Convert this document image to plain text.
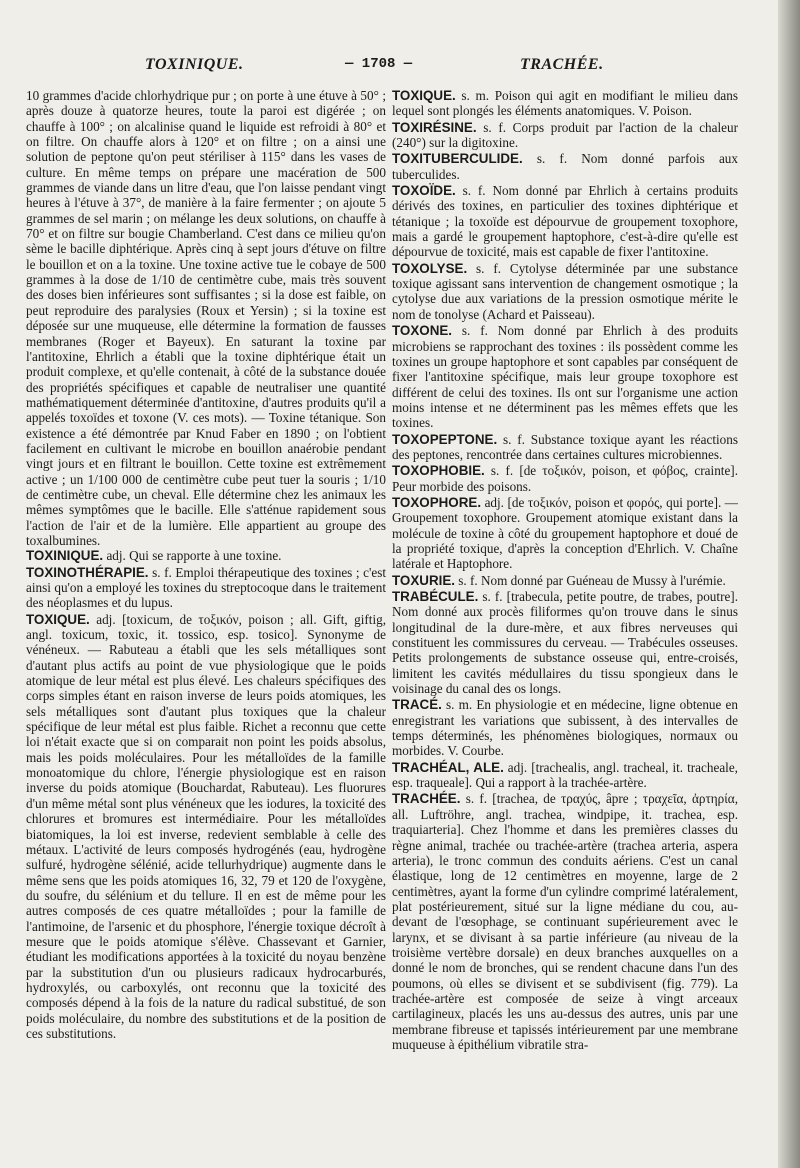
TOXINIQUE.	— 1708 —	TRACHÉE.

10 grammes d'acide chlorhydrique pur ; on porte à une étuve à 50° ; après douze à quatorze heures, toute la paroi est digérée ; on chauffe à 100° ; on alcalinise quand le liquide est refroidi à 80° et on filtre. On chauffe alors à 120° et on filtre ; on a ainsi une solution de peptone qu'on peut stériliser à 115° dans les vases de culture. En même temps on prépare une macération de 500 grammes de viande dans un litre d'eau, que l'on laisse pendant vingt heures à l'étuve à 37°, de manière à la faire fermenter ; on ajoute 5 grammes de sel marin ; on mélange les deux solutions, on chauffe à 70° et on filtre sur bougie Chamberland. C'est dans ce milieu qu'on sème le bacille diphtérique. Après cinq à sept jours d'étuve on filtre le bouillon et on a la toxine. Une toxine active tue le cobaye de 500 grammes à la dose de 1/10 de centimètre cube, mais très souvent des doses bien inférieures sont suffisantes ; si la dose est faible, on peut reproduire des paralysies (Roux et Yersin) ; si la toxine est déposée sur une muqueuse, elle détermine la formation de fausses membranes (Roger et Bayeux). En saturant la toxine par l'antitoxine, Ehrlich a établi que la toxine diphtérique était un produit complexe, et qu'elle contenait, à côté de la substance douée des propriétés spécifiques et capable de neutraliser une quantité mathématiquement déterminée d'antitoxine, d'autres produits qu'il a appelés toxoïdes et toxone (V. ces mots). — Toxine tétanique. Son existence a été démontrée par Knud Faber en 1890 ; on l'obtient facilement en cultivant le microbe en bouillon anaérobie pendant vingt jours et en filtrant le bouillon. Cette toxine est extrêmement active ; un 1/100 000 de centimètre cube peut tuer la souris ; 1/10 de centimètre cube, un cheval. Elle détermine chez les animaux les mêmes symptômes que le bacille. Elle s'atténue rapidement sous l'action de l'air et de la lumière. Elle appartient au groupe des toxalbumines.

TOXINIQUE. adj. Qui se rapporte à une toxine.

TOXINOTHÉRAPIE. s. f. Emploi thérapeutique des toxines ; c'est ainsi qu'on a employé les toxines du streptocoque dans le traitement des néoplasmes et du lupus.

TOXIQUE. adj. [toxicum, de τοξικόν, poison ; all. Gift, giftig, angl. toxicum, toxic, it. tossico, esp. tosico]. Synonyme de vénéneux. — Rabuteau a établi que les sels métalliques sont d'autant plus actifs au point de vue physiologique que le poids atomique de leur métal est plus élevé. Les chaleurs spécifiques des corps simples étant en raison inverse de leurs poids atomiques, les sels métalliques sont d'autant plus toxiques que la chaleur spécifique de leur métal est plus faible. Richet a reconnu que cette loi n'était exacte que si on comparait non point les poids absolus, mais les poids moléculaires. Pour les métalloïdes de la famille monoatomique du chlore, l'énergie physiologique est en raison inverse du poids atomique (Bouchardat, Rabuteau). Les fluorures d'un même métal sont plus vénéneux que les iodures, la toxicité des chlorures et bromures est intermédiaire. Pour les métalloïdes biatomiques, la loi est inverse, redevient semblable à celle des métaux. L'activité de leurs composés hydrogénés (eau, hydrogène sulfuré, hydrogène sélénié, acide tellurhydrique) augmente dans le même sens que les poids atomiques 16, 32, 79 et 120 de l'oxygène, du soufre, du sélénium et du tellure. Il en est de même pour les autres composés de ces quatre métalloïdes ; pour la famille de l'antimoine, de l'arsenic et du phosphore, l'énergie toxique décroît à mesure que le poids atomique s'élève. Chassevant et Garnier, étudiant les modifications apportées à la toxicité du noyau benzène par la substitution d'un ou plusieurs radicaux hydrocarburés, hydroxylés, ou carboxylés, ont reconnu que la toxicité des composés dépend à la fois de la nature du radical substitué, de son poids moléculaire, du nombre des substitutions et de la position de ces substitutions.

TOXIQUE. s. m. Poison qui agit en modifiant le milieu dans lequel sont plongés les éléments anatomiques. V. Poison.

TOXIRÉSINE. s. f. Corps produit par l'action de la chaleur (240°) sur la digitoxine.

TOXITUBERCULIDE. s. f. Nom donné parfois aux tuberculides.

TOXOÏDE. s. f. Nom donné par Ehrlich à certains produits dérivés des toxines, en particulier des toxines diphtérique et tétanique ; la toxoïde est dépourvue de groupement toxophore, mais a gardé le groupement haptophore, c'est-à-dire qu'elle est dépourvue de toxicité, mais est capable de fixer l'antitoxine.

TOXOLYSE. s. f. Cytolyse déterminée par une substance toxique agissant sans intervention de changement osmotique ; la cytolyse due aux variations de la pression osmotique mérite le nom de tonolyse (Achard et Paisseau).

TOXONE. s. f. Nom donné par Ehrlich à des produits microbiens se rapprochant des toxines : ils possèdent comme les toxines un groupe haptophore et sont capables par conséquent de fixer l'antitoxine spécifique, mais leur groupe toxophore est différent de celui des toxines. Ils ont sur l'organisme une action moins intense et ne déterminent pas les mêmes effets que les toxines.

TOXOPEPTONE. s. f. Substance toxique ayant les réactions des peptones, rencontrée dans certaines cultures microbiennes.

TOXOPHOBIE. s. f. [de τοξικόν, poison, et φόβος, crainte]. Peur morbide des poisons.

TOXOPHORE. adj. [de τοξικόν, poison et φορός, qui porte]. — Groupement toxophore. Groupement atomique existant dans la molécule de toxine à côté du groupement haptophore et doué de la propriété toxique, d'après la conception d'Ehrlich. V. Chaîne latérale et Haptophore.

TOXURIE. s. f. Nom donné par Guéneau de Mussy à l'urémie.

TRABÉCULE. s. f. [trabecula, petite poutre, de trabes, poutre]. Nom donné aux procès filiformes qu'on trouve dans le sinus longitudinal de la dure-mère, et aux fibres nerveuses qui constituent les commissures du cerveau. — Trabécules osseuses. Petits prolongements de substance osseuse qui, entre-croisés, limitent les cavités médullaires du tissu spongieux dans le voisinage du canal des os longs.

TRACÉ. s. m. En physiologie et en médecine, ligne obtenue en enregistrant les variations que subissent, à des intervalles de temps déterminés, les phénomènes biologiques, normaux ou morbides. V. Courbe.

TRACHÉAL, ALE. adj. [trachealis, angl. tracheal, it. tracheale, esp. traqueale]. Qui a rapport à la trachée-artère.

TRACHÉE. s. f. [trachea, de τραχύς, âpre ; τραχεῖα, ἀρτηρία, all. Luftröhre, angl. trachea, windpipe, it. trachea, esp. traquiarteria]. Chez l'homme et dans les premières classes du règne animal, trachée ou trachée-artère (trachea arteria, aspera arteria), le tronc commun des conduits aériens. C'est un canal élastique, long de 12 centimètres en moyenne, large de 2 centimètres, ayant la forme d'un cylindre comprimé latéralement, plat postérieurement, situé sur la ligne médiane du cou, au-devant de l'œsophage, se continuant supérieurement avec le larynx, et se divisant à sa partie inférieure (au niveau de la troisième vertèbre dorsale) en deux branches auxquelles on a donné le nom de bronches, qui se rendent chacune dans l'un des poumons, où elles se divisent et se subdivisent (fig. 779). La trachée-artère est composée de seize à vingt arceaux cartilagineux, placés les uns au-dessus des autres, unis par une membrane fibreuse et tapissés intérieurement par une membrane muqueuse à épithélium vibratile stra-
